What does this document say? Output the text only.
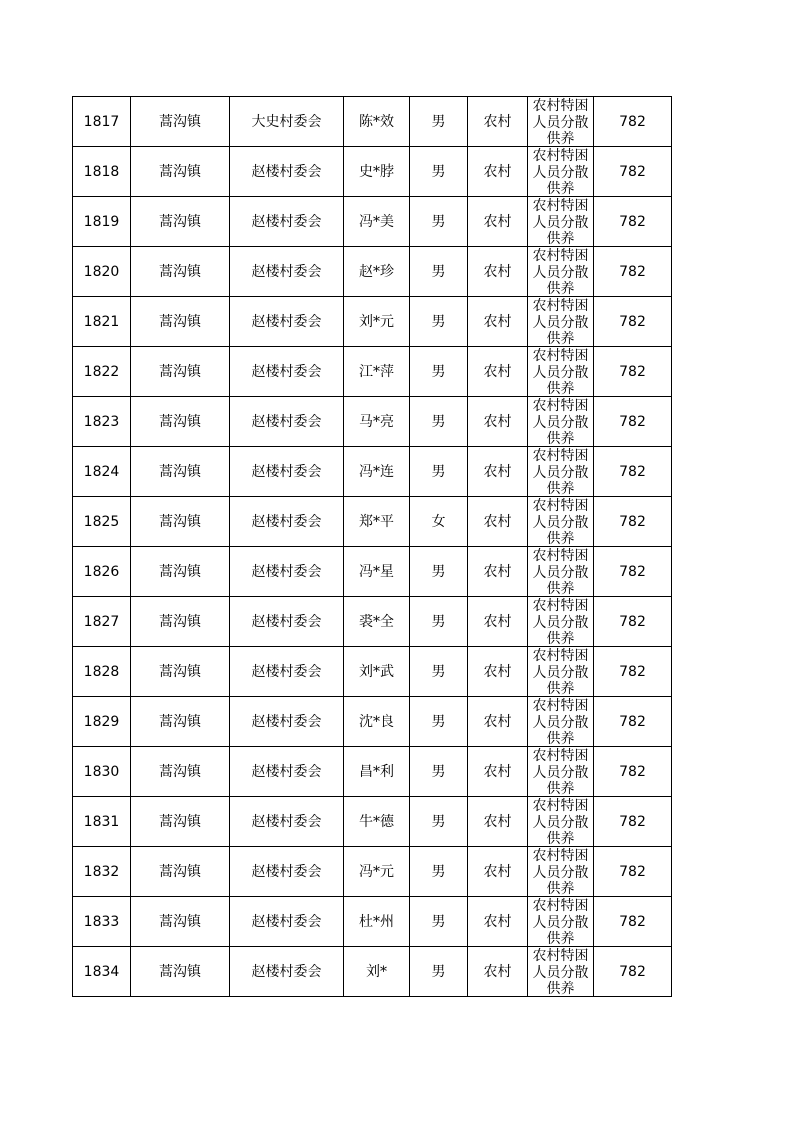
1817	蒿沟镇	大史村委会	陈*效	男	农村	农村特困人员分散供养	782
1818	蒿沟镇	赵楼村委会	史*脖	男	农村	农村特困人员分散供养	782
1819	蒿沟镇	赵楼村委会	冯*美	男	农村	农村特困人员分散供养	782
1820	蒿沟镇	赵楼村委会	赵*珍	男	农村	农村特困人员分散供养	782
1821	蒿沟镇	赵楼村委会	刘*元	男	农村	农村特困人员分散供养	782
1822	蒿沟镇	赵楼村委会	江*萍	男	农村	农村特困人员分散供养	782
1823	蒿沟镇	赵楼村委会	马*亮	男	农村	农村特困人员分散供养	782
1824	蒿沟镇	赵楼村委会	冯*连	男	农村	农村特困人员分散供养	782
1825	蒿沟镇	赵楼村委会	郑*平	女	农村	农村特困人员分散供养	782
1826	蒿沟镇	赵楼村委会	冯*星	男	农村	农村特困人员分散供养	782
1827	蒿沟镇	赵楼村委会	裘*全	男	农村	农村特困人员分散供养	782
1828	蒿沟镇	赵楼村委会	刘*武	男	农村	农村特困人员分散供养	782
1829	蒿沟镇	赵楼村委会	沈*良	男	农村	农村特困人员分散供养	782
1830	蒿沟镇	赵楼村委会	昌*利	男	农村	农村特困人员分散供养	782
1831	蒿沟镇	赵楼村委会	牛*德	男	农村	农村特困人员分散供养	782
1832	蒿沟镇	赵楼村委会	冯*元	男	农村	农村特困人员分散供养	782
1833	蒿沟镇	赵楼村委会	杜*州	男	农村	农村特困人员分散供养	782
1834	蒿沟镇	赵楼村委会	刘*	男	农村	农村特困人员分散供养	782
